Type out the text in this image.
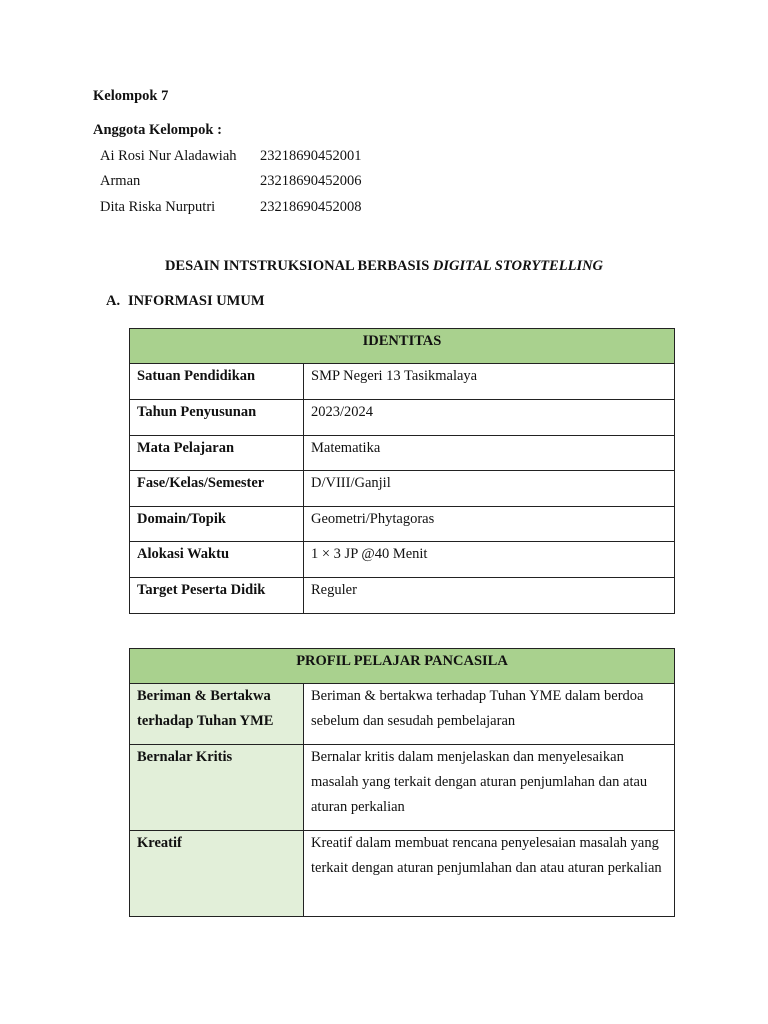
Kelompok 7
Anggota Kelompok :
Ai Rosi Nur Aladawiah	23218690452001
Arman	23218690452006
Dita Riska Nurputri	23218690452008
DESAIN INTSTRUKSIONAL BERBASIS DIGITAL STORYTELLING
A. INFORMASI UMUM
IDENTITAS	
Satuan Pendidikan	SMP Negeri 13 Tasikmalaya
Tahun Penyusunan	2023/2024
Mata Pelajaran	Matematika
Fase/Kelas/Semester	D/VIII/Ganjil
Domain/Topik	Geometri/Phytagoras
Alokasi Waktu	1 × 3 JP @40 Menit
Target Peserta Didik	Reguler
PROFIL PELAJAR PANCASILA	
Beriman & Bertakwa terhadap Tuhan YME	Beriman & bertakwa terhadap Tuhan YME dalam berdoa sebelum dan sesudah pembelajaran
Bernalar Kritis	Bernalar kritis dalam menjelaskan dan menyelesaikan masalah yang terkait dengan aturan penjumlahan dan atau aturan perkalian
Kreatif	Kreatif dalam membuat rencana penyelesaian masalah yang terkait dengan aturan penjumlahan dan atau aturan perkalian
